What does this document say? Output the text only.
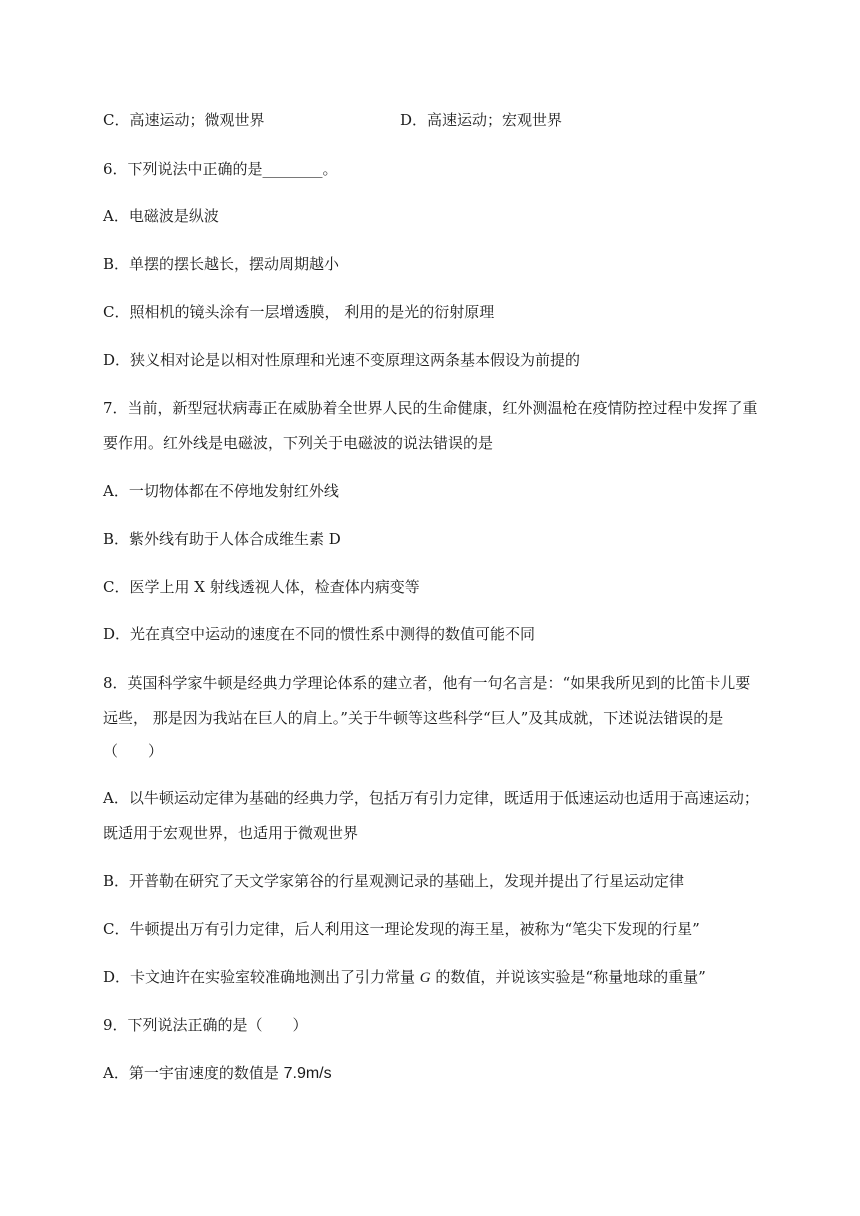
C．高速运动；微观世界	D．高速运动；宏观世界
6．下列说法中正确的是________。
A．电磁波是纵波
B．单摆的摆长越长，摆动周期越小
C．照相机的镜头涂有一层增透膜， 利用的是光的衍射原理
D．狭义相对论是以相对性原理和光速不变原理这两条基本假设为前提的
7．当前，新型冠状病毒正在威胁着全世界人民的生命健康，红外测温枪在疫情防控过程中发挥了重
要作用。红外线是电磁波，下列关于电磁波的说法错误的是
A．一切物体都在不停地发射红外线
B．紫外线有助于人体合成维生素 D
C．医学上用 X 射线透视人体，检查体内病变等
D．光在真空中运动的速度在不同的惯性系中测得的数值可能不同
8．英国科学家牛顿是经典力学理论体系的建立者，他有一句名言是：“如果我所见到的比笛卡儿要
远些， 那是因为我站在巨人的肩上。”关于牛顿等这些科学“巨人”及其成就，下述说法错误的是
（　　）
A．以牛顿运动定律为基础的经典力学，包括万有引力定律，既适用于低速运动也适用于高速运动；
既适用于宏观世界，也适用于微观世界
B．开普勒在研究了天文学家第谷的行星观测记录的基础上，发现并提出了行星运动定律
C．牛顿提出万有引力定律，后人利用这一理论发现的海王星，被称为“笔尖下发现的行星”
D．卡文迪许在实验室较准确地测出了引力常量 G 的数值，并说该实验是“称量地球的重量”
9．下列说法正确的是（　　）
A．第一宇宙速度的数值是 7.9m/s
